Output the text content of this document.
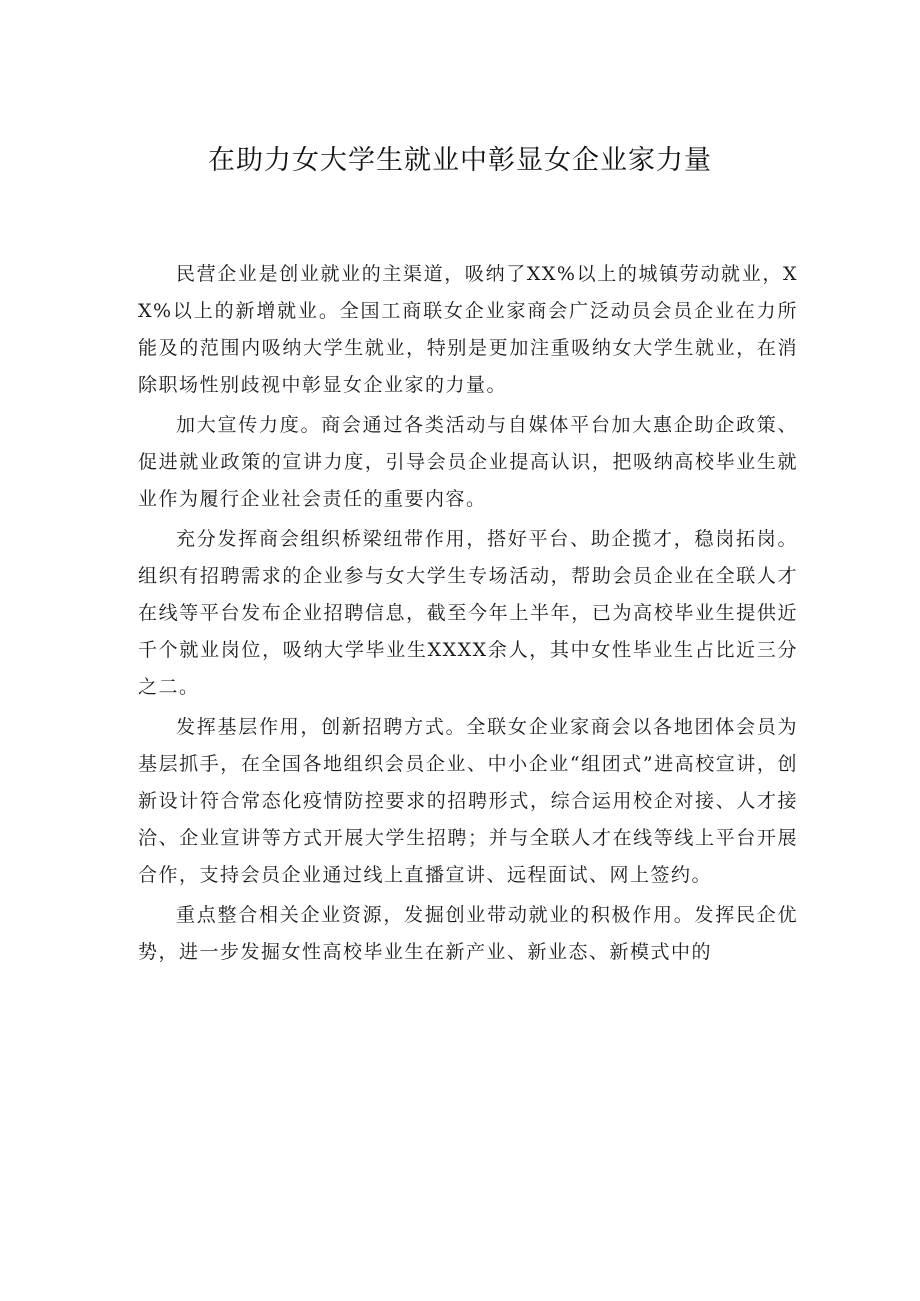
在助力女大学生就业中彰显女企业家力量

民营企业是创业就业的主渠道，吸纳了XX%以上的城镇劳动就业，XX%以上的新增就业。全国工商联女企业家商会广泛动员会员企业在力所能及的范围内吸纳大学生就业，特别是更加注重吸纳女大学生就业，在消除职场性别歧视中彰显女企业家的力量。

加大宣传力度。商会通过各类活动与自媒体平台加大惠企助企政策、促进就业政策的宣讲力度，引导会员企业提高认识，把吸纳高校毕业生就业作为履行企业社会责任的重要内容。

充分发挥商会组织桥梁纽带作用，搭好平台、助企揽才，稳岗拓岗。组织有招聘需求的企业参与女大学生专场活动，帮助会员企业在全联人才在线等平台发布企业招聘信息，截至今年上半年，已为高校毕业生提供近千个就业岗位，吸纳大学毕业生XXXX余人，其中女性毕业生占比近三分之二。

发挥基层作用，创新招聘方式。全联女企业家商会以各地团体会员为基层抓手，在全国各地组织会员企业、中小企业“组团式”进高校宣讲，创新设计符合常态化疫情防控要求的招聘形式，综合运用校企对接、人才接洽、企业宣讲等方式开展大学生招聘；并与全联人才在线等线上平台开展合作，支持会员企业通过线上直播宣讲、远程面试、网上签约。

重点整合相关企业资源，发掘创业带动就业的积极作用。发挥民企优势，进一步发掘女性高校毕业生在新产业、新业态、新模式中的
